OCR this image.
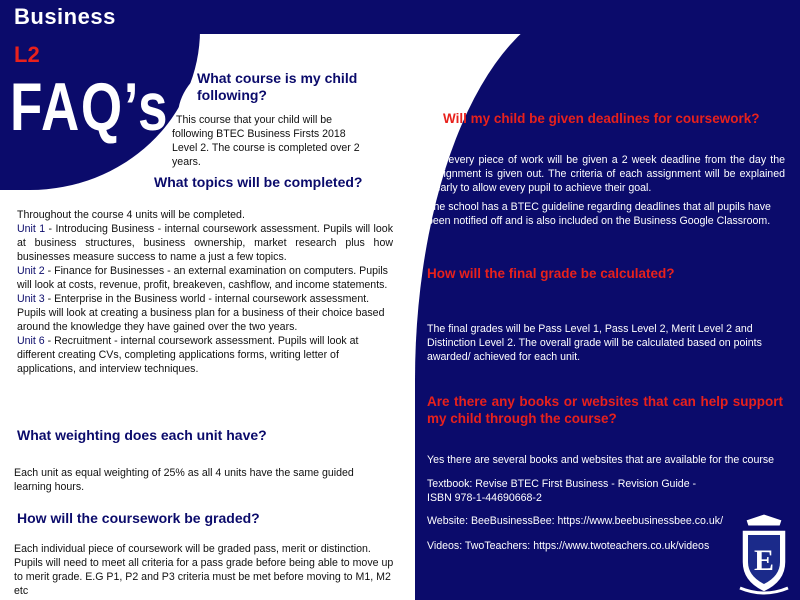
Business
L2
FAQ’s What course is my child
following?

This course that your child will be following BTEC Business Firsts 2018 Level 2. The course is completed over 2 years.

What topics will be completed?

Throughout the course 4 units will be completed.

Unit 1 - Introducing Business - internal coursework assessment. Pupils will look at business structures, business ownership, market research plus how businesses measure success to name a just a few topics.

Unit 2 - Finance for Businesses - an external examination on computers. Pupils will look at costs, revenue, profit, breakeven, cashflow, and income statements.

Unit 3 - Enterprise in the Business world - internal coursework assessment. Pupils will look at creating a business plan for a business of their choice based around the knowledge they have gained over the two years.

Unit 6 - Recruitment - internal coursework assessment. Pupils will look at different creating CVs, completing applications forms, writing letter of applications, and interview techniques.

What weighting does each unit have?

Each unit as equal weighting of 25% as all 4 units have the same guided learning hours.

How will the coursework be graded?

Each individual piece of coursework will be graded pass, merit or distinction. Pupils will need to meet all criteria for a pass grade before being able to move up to merit grade. E.G P1, P2 and P3 criteria must be met before moving to M1, M2 etc

Will my child be given deadlines for coursework?

Yes every piece of work will be given a 2 week deadline from the day the assignment is given out. The criteria of each assignment will be explained clearly to allow every pupil to achieve their goal.

The school has a BTEC guideline regarding deadlines that all pupils have been notified off and is also included on the Business Google Classroom.

How will the final grade be calculated?

The final grades will be Pass Level 1, Pass Level 2, Merit Level 2 and Distinction Level 2. The overall grade will be calculated based on points awarded/ achieved for each unit.

Are there any books or websites that can help support my child through the course?

Yes there are several books and websites that are available for the course

Textbook: Revise BTEC First Business - Revision Guide -
ISBN 978-1-44690668-2

Website: BeeBusinessBee: https://www.beebusinessbee.co.uk/

Videos: TwoTeachers: https://www.twoteachers.co.uk/videos	E
